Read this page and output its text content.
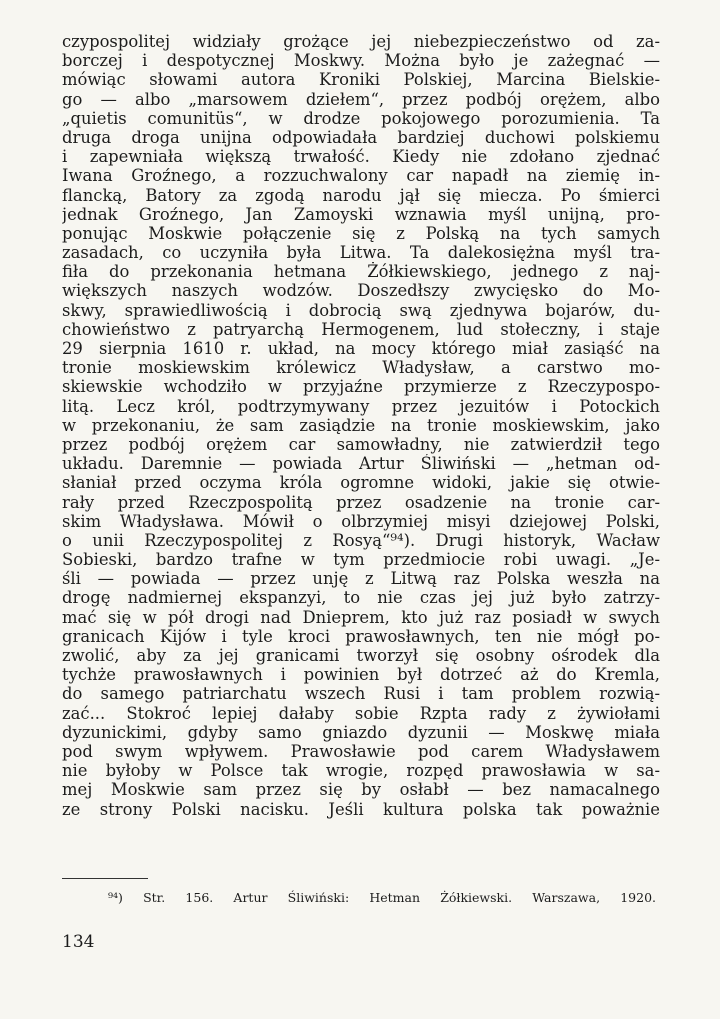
czypospolitej widziały grożące jej niebezpieczeństwo od za-
borczej i despotycznej Moskwy. Można było je zażegnać —
mówiąc słowami autora Kroniki Polskiej, Marcina Bielskie-
go — albo „marsowem dziełem“, przez podbój orężem, albo
„quietis comunitüs“, w drodze pokojowego porozumienia. Ta
druga droga unijna odpowiadała bardziej duchowi polskiemu
i zapewniała większą trwałość. Kiedy nie zdołano zjednać
Iwana Groźnego, a rozzuchwalony car napadł na ziemię in-
flancką, Batory za zgodą narodu jął się miecza. Po śmierci
jednak Groźnego, Jan Zamoyski wznawia myśl unijną, pro-
ponując Moskwie połączenie się z Polską na tych samych
zasadach, co uczyniła była Litwa. Ta dalekosiężna myśl tra-
fiła do przekonania hetmana Żółkiewskiego, jednego z naj-
większych naszych wodzów. Doszedłszy zwycięsko do Mo-
skwy, sprawiedliwością i dobrocią swą zjednywa bojarów, du-
chowieństwo z patryarchą Hermogenem, lud stołeczny, i staje
29 sierpnia 1610 r. układ, na mocy którego miał zasiąść na
tronie moskiewskim królewicz Władysław, a carstwo mo-
skiewskie wchodziło w przyjaźne przymierze z Rzeczypospo-
litą. Lecz król, podtrzymywany przez jezuitów i Potockich
w przekonaniu, że sam zasiądzie na tronie moskiewskim, jako
przez podbój orężem car samowładny, nie zatwierdził tego
układu. Daremnie — powiada Artur Śliwiński — „hetman od-
słaniał przed oczyma króla ogromne widoki, jakie się otwie-
rały przed Rzeczpospolitą przez osadzenie na tronie car-
skim Władysława. Mówił o olbrzymiej misyi dziejowej Polski,
o unii Rzeczypospolitej z Rosyą“⁹⁴). Drugi historyk, Wacław
Sobieski, bardzo trafne w tym przedmiocie robi uwagi. „Je-
śli — powiada — przez unję z Litwą raz Polska weszła na
drogę nadmiernej ekspanzyi, to nie czas jej już było zatrzy-
mać się w pół drogi nad Dnieprem, kto już raz posiadł w swych
granicach Kijów i tyle kroci prawosławnych, ten nie mógł po-
zwolić, aby za jej granicami tworzył się osobny ośrodek dla
tychże prawosławnych i powinien był dotrzeć aż do Kremla,
do samego patriarchatu wszech Rusi i tam problem rozwią-
zać... Stokroć lepiej dałaby sobie Rzpta rady z żywiołami
dyzunickimi, gdyby samo gniazdo dyzunii — Moskwę miała
pod swym wpływem. Prawosławie pod carem Władysławem
nie byłoby w Polsce tak wrogie, rozpęd prawosławia w sa-
mej Moskwie sam przez się by osłabł — bez namacalnego
ze strony Polski nacisku. Jeśli kultura polska tak poważnie
⁹⁴) Str. 156. Artur Śliwiński: Hetman Żółkiewski. Warszawa, 1920.
134
